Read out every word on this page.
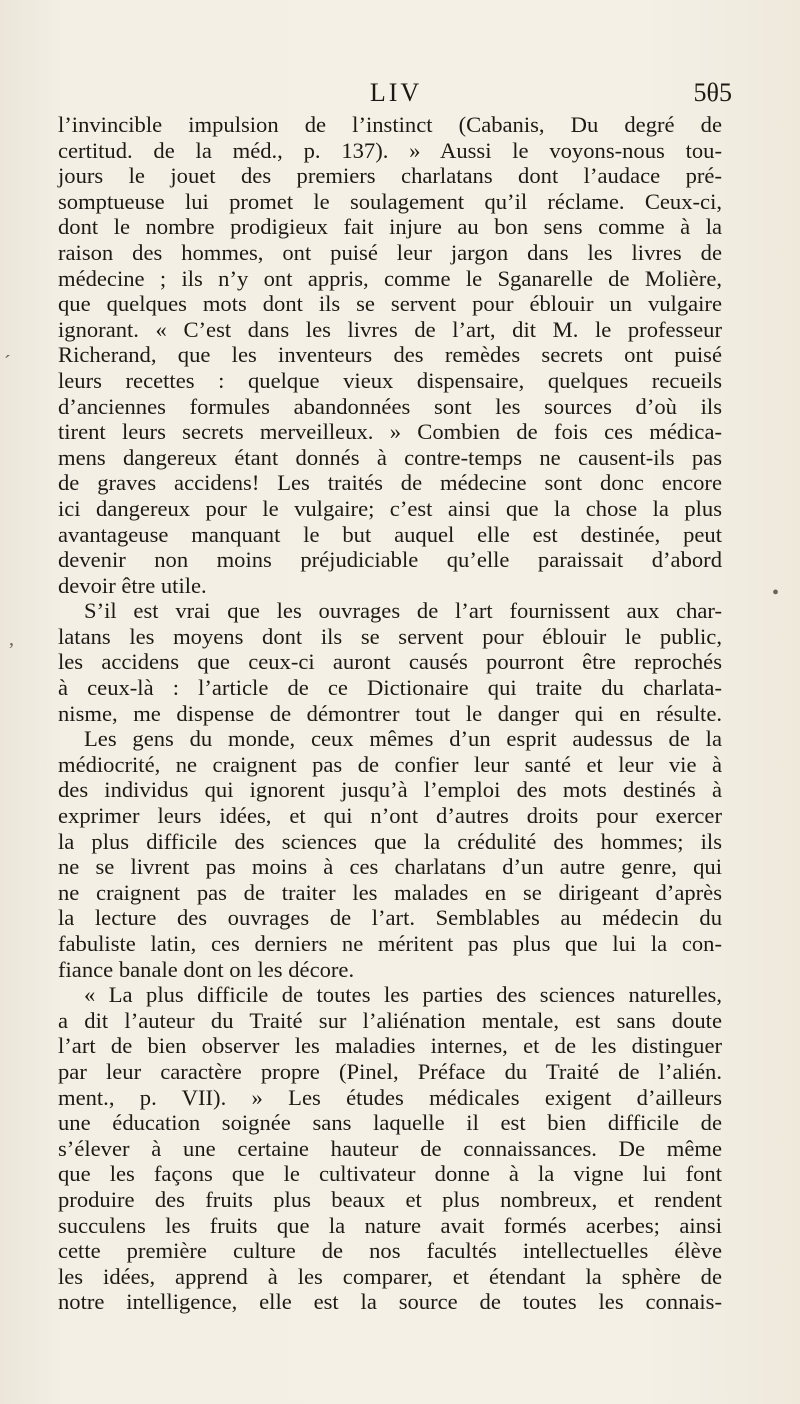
LIV	5θ5
l’invincible impulsion de l’instinct (Cabanis, Du degré de
certitud. de la méd., p. 137). » Aussi le voyons-nous tou-
jours le jouet des premiers charlatans dont l’audace pré-
somptueuse lui promet le soulagement qu’il réclame. Ceux-ci,
dont le nombre prodigieux fait injure au bon sens comme à la
raison des hommes, ont puisé leur jargon dans les livres de
médecine ; ils n’y ont appris, comme le Sganarelle de Molière,
que quelques mots dont ils se servent pour éblouir un vulgaire
ignorant. « C’est dans les livres de l’art, dit M. le professeur
Richerand, que les inventeurs des remèdes secrets ont puisé
leurs recettes : quelque vieux dispensaire, quelques recueils
d’anciennes formules abandonnées sont les sources d’où ils
tirent leurs secrets merveilleux. » Combien de fois ces médica-
mens dangereux étant donnés à contre-temps ne causent-ils pas
de graves accidens! Les traités de médecine sont donc encore
ici dangereux pour le vulgaire; c’est ainsi que la chose la plus
avantageuse manquant le but auquel elle est destinée, peut
devenir non moins préjudiciable qu’elle paraissait d’abord
devoir être utile.
S’il est vrai que les ouvrages de l’art fournissent aux char-
latans les moyens dont ils se servent pour éblouir le public,
les accidens que ceux-ci auront causés pourront être reprochés
à ceux-là : l’article de ce Dictionaire qui traite du charlata-
nisme, me dispense de démontrer tout le danger qui en résulte.
Les gens du monde, ceux mêmes d’un esprit audessus de la
médiocrité, ne craignent pas de confier leur santé et leur vie à
des individus qui ignorent jusqu’à l’emploi des mots destinés à
exprimer leurs idées, et qui n’ont d’autres droits pour exercer
la plus difficile des sciences que la crédulité des hommes; ils
ne se livrent pas moins à ces charlatans d’un autre genre, qui
ne craignent pas de traiter les malades en se dirigeant d’après
la lecture des ouvrages de l’art. Semblables au médecin du
fabuliste latin, ces derniers ne méritent pas plus que lui la con-
fiance banale dont on les décore.
« La plus difficile de toutes les parties des sciences naturelles,
a dit l’auteur du Traité sur l’aliénation mentale, est sans doute
l’art de bien observer les maladies internes, et de les distinguer
par leur caractère propre (Pinel, Préface du Traité de l’alién.
ment., p. VII). » Les études médicales exigent d’ailleurs
une éducation soignée sans laquelle il est bien difficile de
s’élever à une certaine hauteur de connaissances. De même
que les façons que le cultivateur donne à la vigne lui font
produire des fruits plus beaux et plus nombreux, et rendent
succulens les fruits que la nature avait formés acerbes; ainsi
cette première culture de nos facultés intellectuelles élève
les idées, apprend à les comparer, et étendant la sphère de
notre intelligence, elle est la source de toutes les connais-
´
‚
•
